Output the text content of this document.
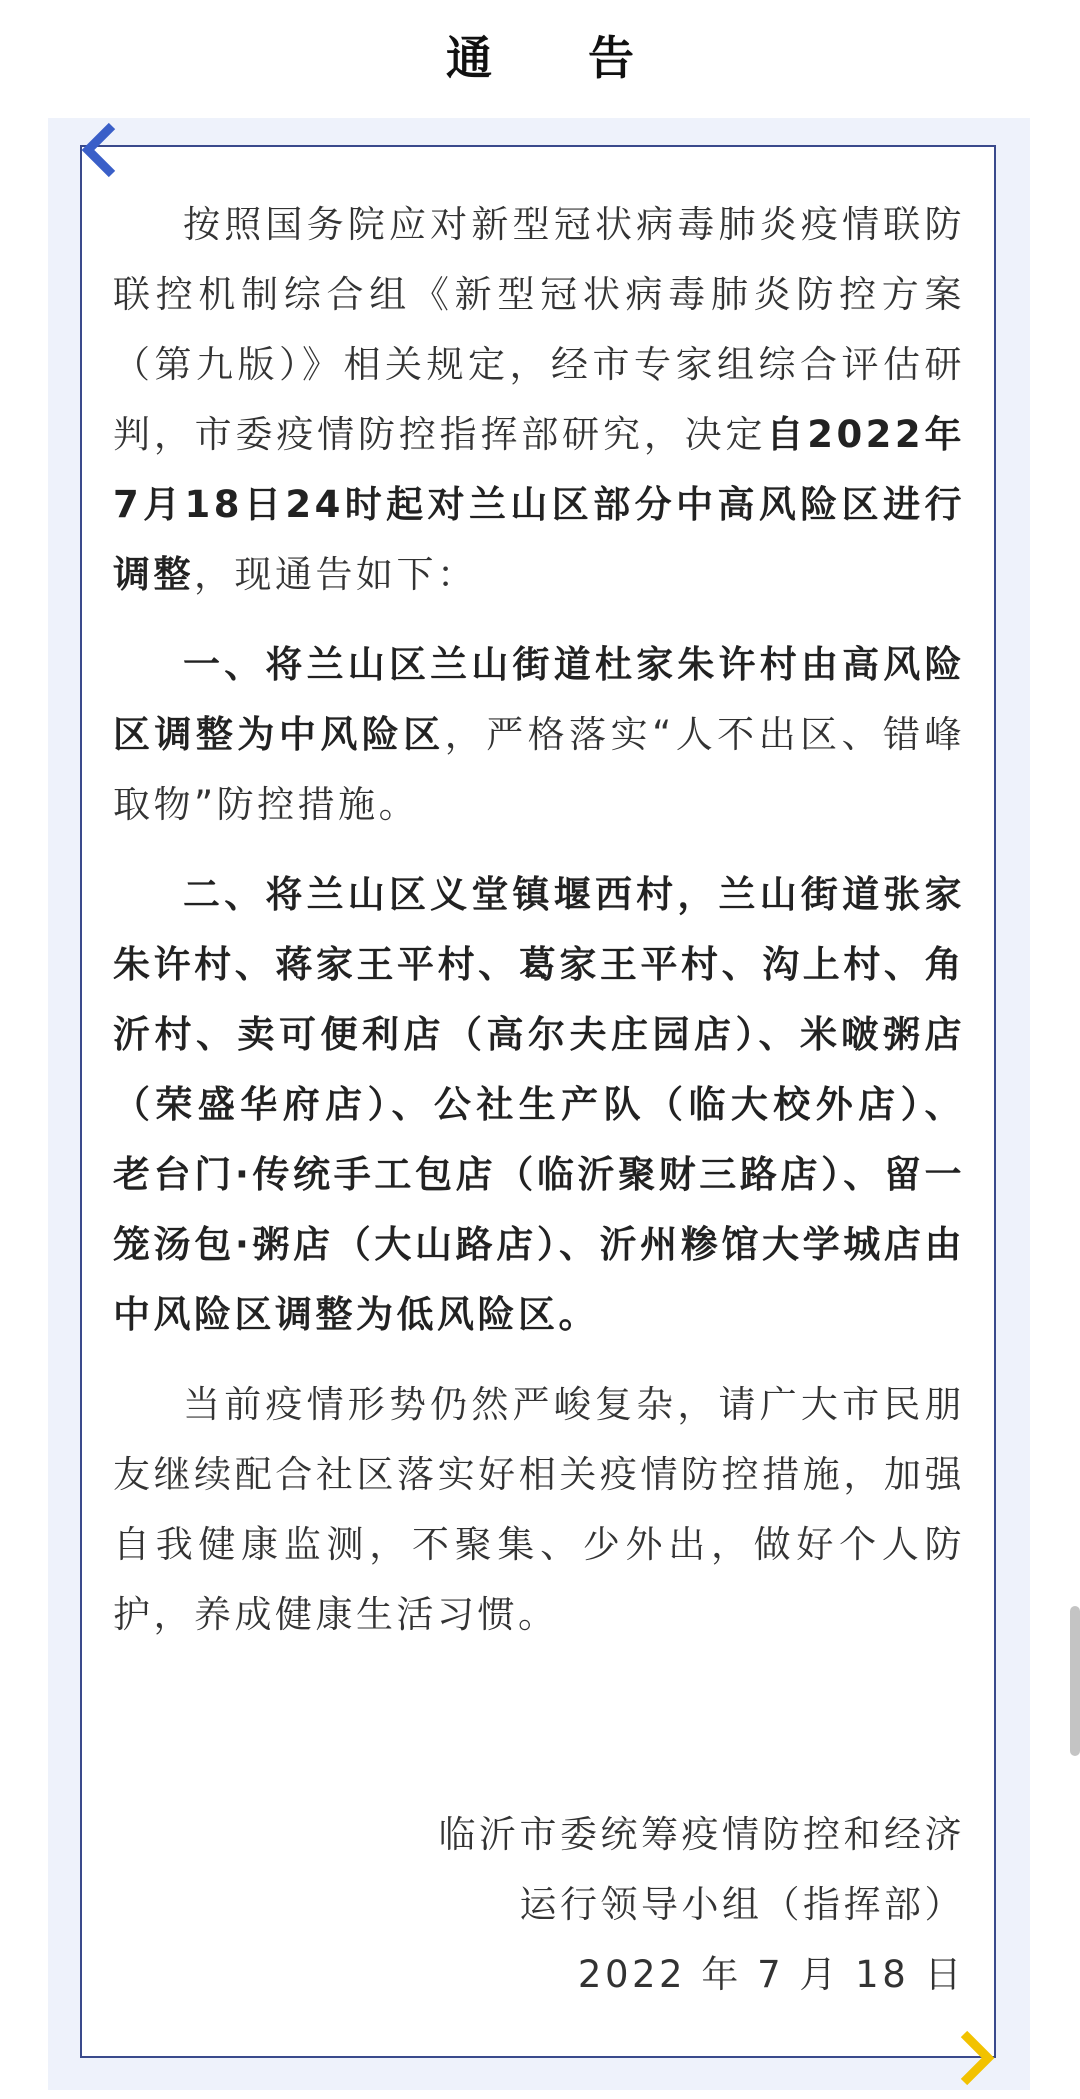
通 告

按照国务院应对新型冠状病毒肺炎疫情联防联控机制综合组《新型冠状病毒肺炎防控方案（第九版）》相关规定，经市专家组综合评估研判，市委疫情防控指挥部研究，决定自2022年7月18日24时起对兰山区部分中高风险区进行调整，现通告如下：

一、将兰山区兰山街道杜家朱许村由高风险区调整为中风险区，严格落实“人不出区、错峰取物”防控措施。

二、将兰山区义堂镇堰西村，兰山街道张家朱许村、蒋家王平村、葛家王平村、沟上村、角沂村、卖可便利店（高尔夫庄园店）、米啵粥店（荣盛华府店）、公社生产队（临大校外店）、老台门·传统手工包店（临沂聚财三路店）、留一笼汤包·粥店（大山路店）、沂州糁馆大学城店由中风险区调整为低风险区。

当前疫情形势仍然严峻复杂，请广大市民朋友继续配合社区落实好相关疫情防控措施，加强自我健康监测，不聚集、少外出，做好个人防护，养成健康生活习惯。

临沂市委统筹疫情防控和经济
运行领导小组（指挥部）
2022 年 7 月 18 日
